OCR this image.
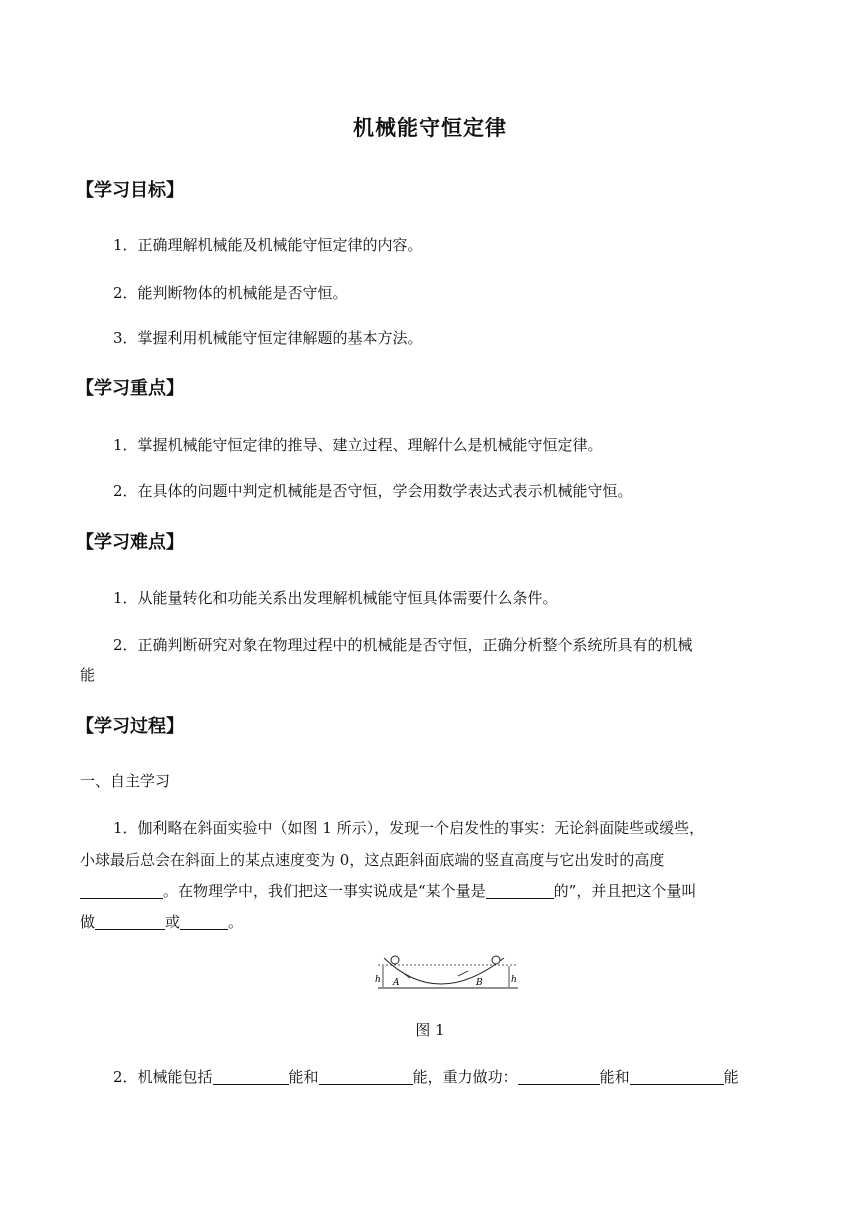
机械能守恒定律
【学习目标】
1．正确理解机械能及机械能守恒定律的内容。
2．能判断物体的机械能是否守恒。
3．掌握利用机械能守恒定律解题的基本方法。
【学习重点】
1．掌握机械能守恒定律的推导、建立过程、理解什么是机械能守恒定律。
2．在具体的问题中判定机械能是否守恒，学会用数学表达式表示机械能守恒。
【学习难点】
1．从能量转化和功能关系出发理解机械能守恒具体需要什么条件。
2．正确判断研究对象在物理过程中的机械能是否守恒，正确分析整个系统所具有的机械
能
【学习过程】
一、自主学习
1．伽利略在斜面实验中（如图 1 所示），发现一个启发性的事实：无论斜面陡些或缓些，
小球最后总会在斜面上的某点速度变为 0，这点距斜面底端的竖直高度与它出发时的高度
。在物理学中，我们把这一事实说成是“某个量是	的”，并且把这个量叫
做	或	。
h A	B	h
图 1
2．机械能包括	能和	能，重力做功：	能和	能
